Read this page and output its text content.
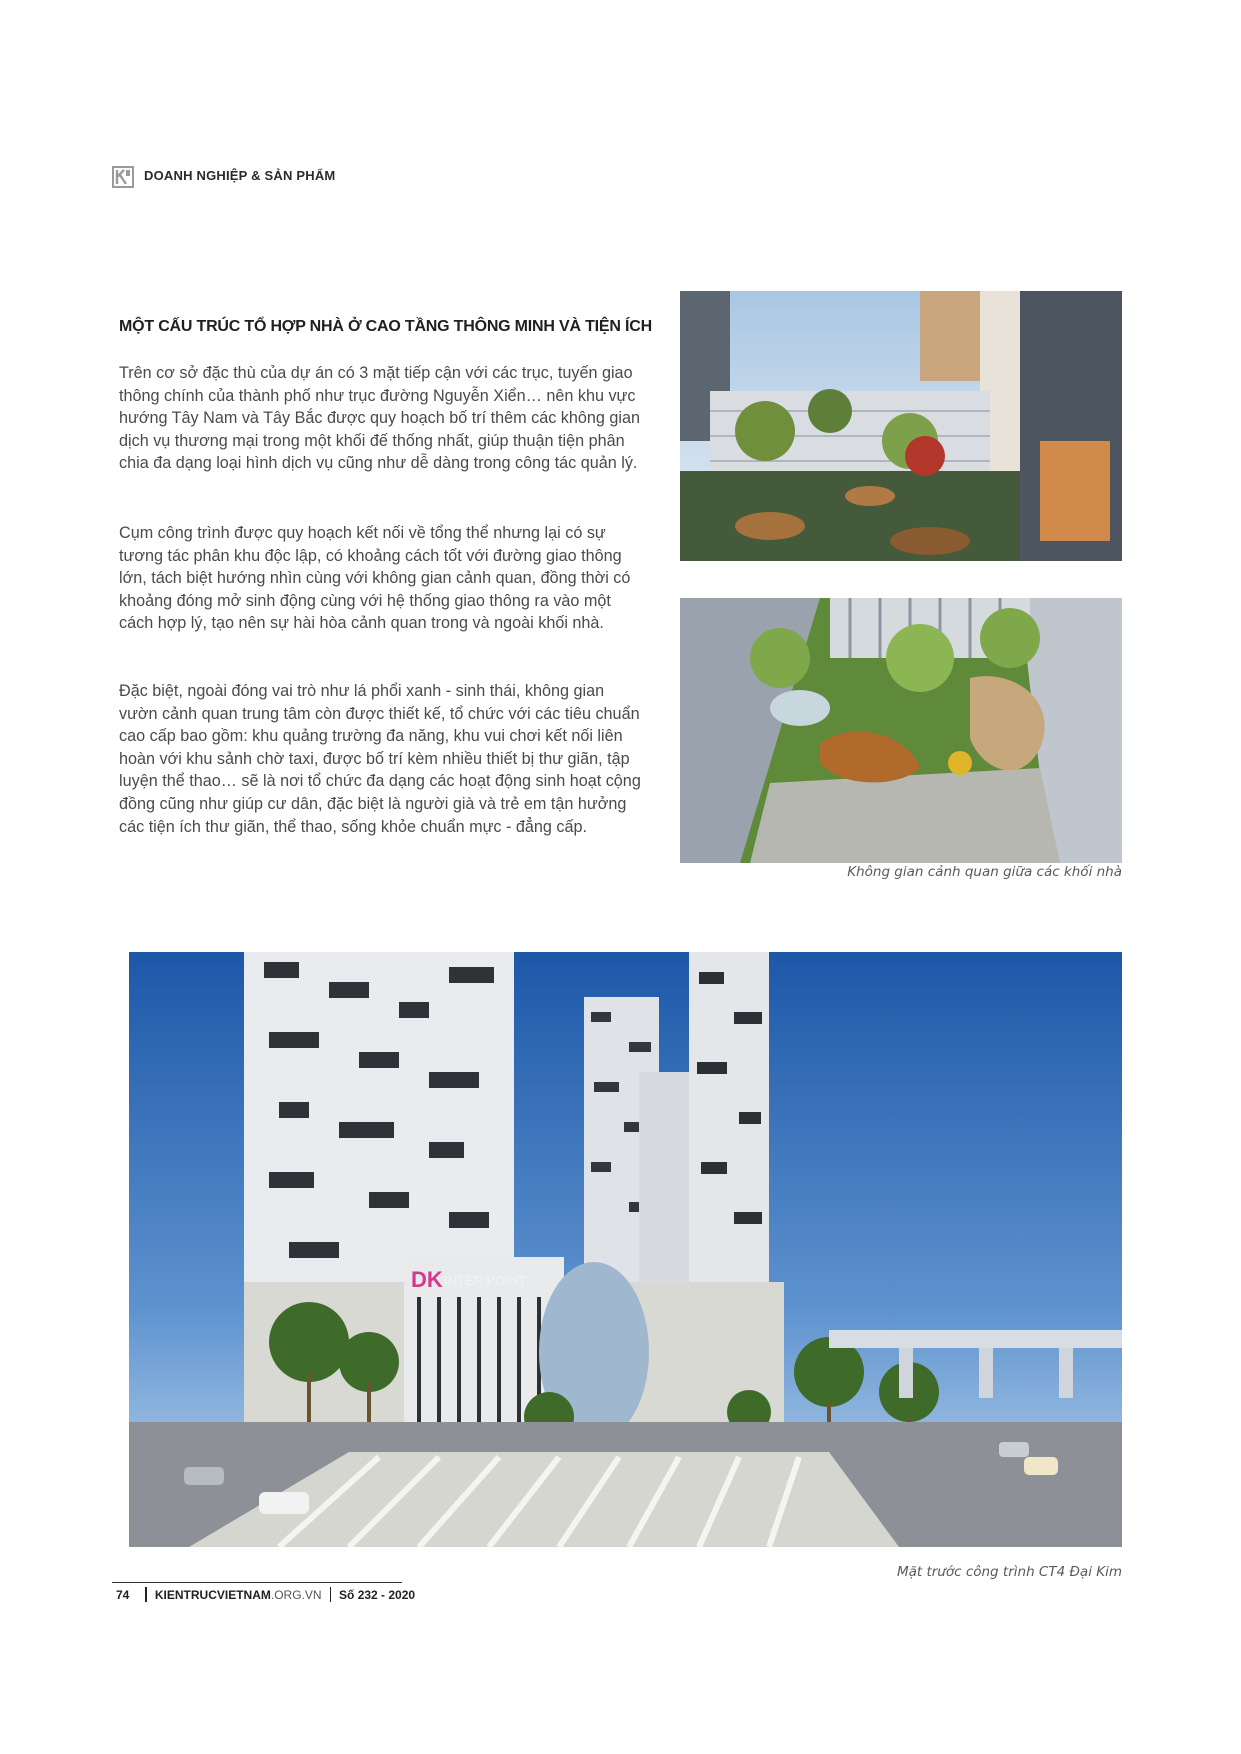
DOANH NGHIỆP & SẢN PHẨM
MỘT CẤU TRÚC TỔ HỢP NHÀ Ở CAO TẦNG THÔNG MINH VÀ TIỆN ÍCH

Trên cơ sở đặc thù của dự án có 3 mặt tiếp cận với các trục, tuyến giao thông chính của thành phố như trục đường Nguyễn Xiển… nên khu vực hướng Tây Nam và Tây Bắc được quy hoạch bố trí thêm các không gian dịch vụ thương mại trong một khối đế thống nhất, giúp thuận tiện phân chia đa dạng loại hình dịch vụ cũng như dễ dàng trong công tác quản lý.

Cụm công trình được quy hoạch kết nối về tổng thể nhưng lại có sự tương tác phân khu độc lập, có khoảng cách tốt với đường giao thông lớn, tách biệt hướng nhìn cùng với không gian cảnh quan, đồng thời có khoảng đóng mở sinh động cùng với hệ thống giao thông ra vào một cách hợp lý, tạo nên sự hài hòa cảnh quan trong và ngoài khối nhà.

Đặc biệt, ngoài đóng vai trò như lá phổi xanh - sinh thái, không gian vườn cảnh quan trung tâm còn được thiết kế, tổ chức với các tiêu chuẩn cao cấp bao gồm: khu quảng trường đa năng, khu vui chơi kết nối liên hoàn với khu sảnh chờ taxi, được bố trí kèm nhiều thiết bị thư giãn, tập luyện thể thao… sẽ là nơi tổ chức đa dạng các hoạt động sinh hoạt cộng đồng cũng như giúp cư dân, đặc biệt là người già và trẻ em tận hưởng các tiện ích thư giãn, thể thao, sống khỏe chuẩn mực - đẳng cấp.

Không gian cảnh quan giữa các khối nhà
DK INTER POINT
Mặt trước công trình CT4 Đại Kim
74 KIENTRUCVIETNAM .ORG.VN Số 232 - 2020
